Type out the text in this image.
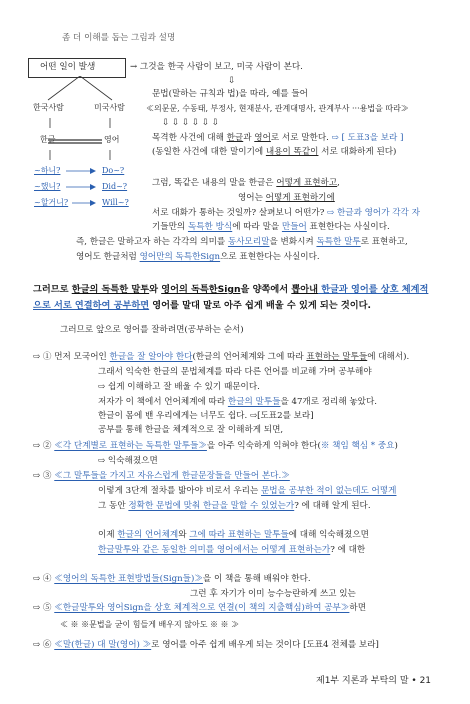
좀 더 이해를 돕는 그림과 설명
어떤 일이 발생	→ 그것을 한국 사람이 보고, 미국 사람이 본다.
한국사람	미국사람
한글	영어
~하니?	Do~?
~했니?	Did~?
~할거니?	Will~?
⇩
문법(말하는 규칙과 법)을 따라, 예를 들어
≪의문문, 수동태, 부정사, 현재분사, 관계대명사, 관계부사 ···용법을 따라≫
⇩ ⇩ ⇩ ⇩ ⇩ ⇩
목격한 사건에 대해 한글과 영어로 서로 말한다. ⇨ [ 도표3을 보라 ]
(동일한 사건에 대한 말이기에 내용이 똑같이 서로 대화하게 된다)
그럼, 똑같은 내용의 말을 한글은 어떻게 표현하고,
영어는 어떻게 표현하기에
서로 대화가 통하는 것일까? 살펴보니 어떤가? ⇨ 한글과 영어가 각각 자
기들만의 독특한 방식에 따라 말을 만들어 표현한다는 사실이다.
즉, 한글은 말하고자 하는 각각의 의미를 동사모리말을 변화시켜 독특한 말투로 표현하고,
영어도 한글처럼 영어만의 독특한Sign으로 표현한다는 사실이다.
그러므로 한글의 독특한 말투와 영어의 독특한Sign을 양쪽에서 뽑아내 한글과 영어를 상호 체계적
으로 서로 연결하여 공부하면 영어를 말대 말로 아주 쉽게 배울 수 있게 되는 것이다.
그러므로 앞으로 영어를 잘하려면(공부하는 순서)
⇨ ① 먼저 모국어인 한글을 잘 알아야 한다(한글의 언어체계와 그에 따라 표현하는 말투들에 대해서).
그래서 익숙한 한글의 문법체계를 따라 다른 언어를 비교해 가며 공부해야
⇨ 쉽게 이해하고 잘 배울 수 있기 때문이다.
저자가 이 책에서 언어체계에 따라 한글의 말투들을 47개로 정리해 놓았다.
한글이 몸에 밴 우리에게는 너무도 쉽다. ⇨[도표2를 보라]
공부를 통해 한글을 체계적으로 잘 이해하게 되면,
⇨ ② ≪각 단계별로 표현하는 독특한 말투들≫을 아주 익숙하게 익혀야 한다(※ 책임 핵심 * 중요)
⇨ 익숙해졌으면
⇨ ③ ≪그 말투들을 가지고 자유스럽게 한글문장들을 만들어 본다.≫
이렇게 3단계 절차를 밟아야 비로서 우리는 문법을 공부한 적이 없는데도 어떻게
그 동안 정확한 문법에 맞춰 한글을 말할 수 있었는가? 에 대해 알게 된다.
이제 한글의 언어체계와 그에 따라 표현하는 말투들에 대해 익숙해졌으면
한글말투와 같은 동일한 의미를 영어에서는 어떻게 표현하는가? 에 대한
⇨ ④ ≪영어의 독특한 표현방법들(Sign들)≫을 이 책을 통해 배워야 한다.
그런 후 자기가 이미 능수능란하게 쓰고 있는
⇨ ⑤ ≪한글말투와 영어Sign을 상호 체계적으로 연결(이 책의 지출핵심)하여 공부≫하면
≪ ※ ※문법을 굳이 힘들게 배우지 않아도 ※ ※ ≫
⇨ ⑥ ≪말(한글) 대 말(영어) ≫로 영어를 아주 쉽게 배우게 되는 것이다 [도표4 전체를 보라]
제1부 지론과 부탁의 말 • 21
